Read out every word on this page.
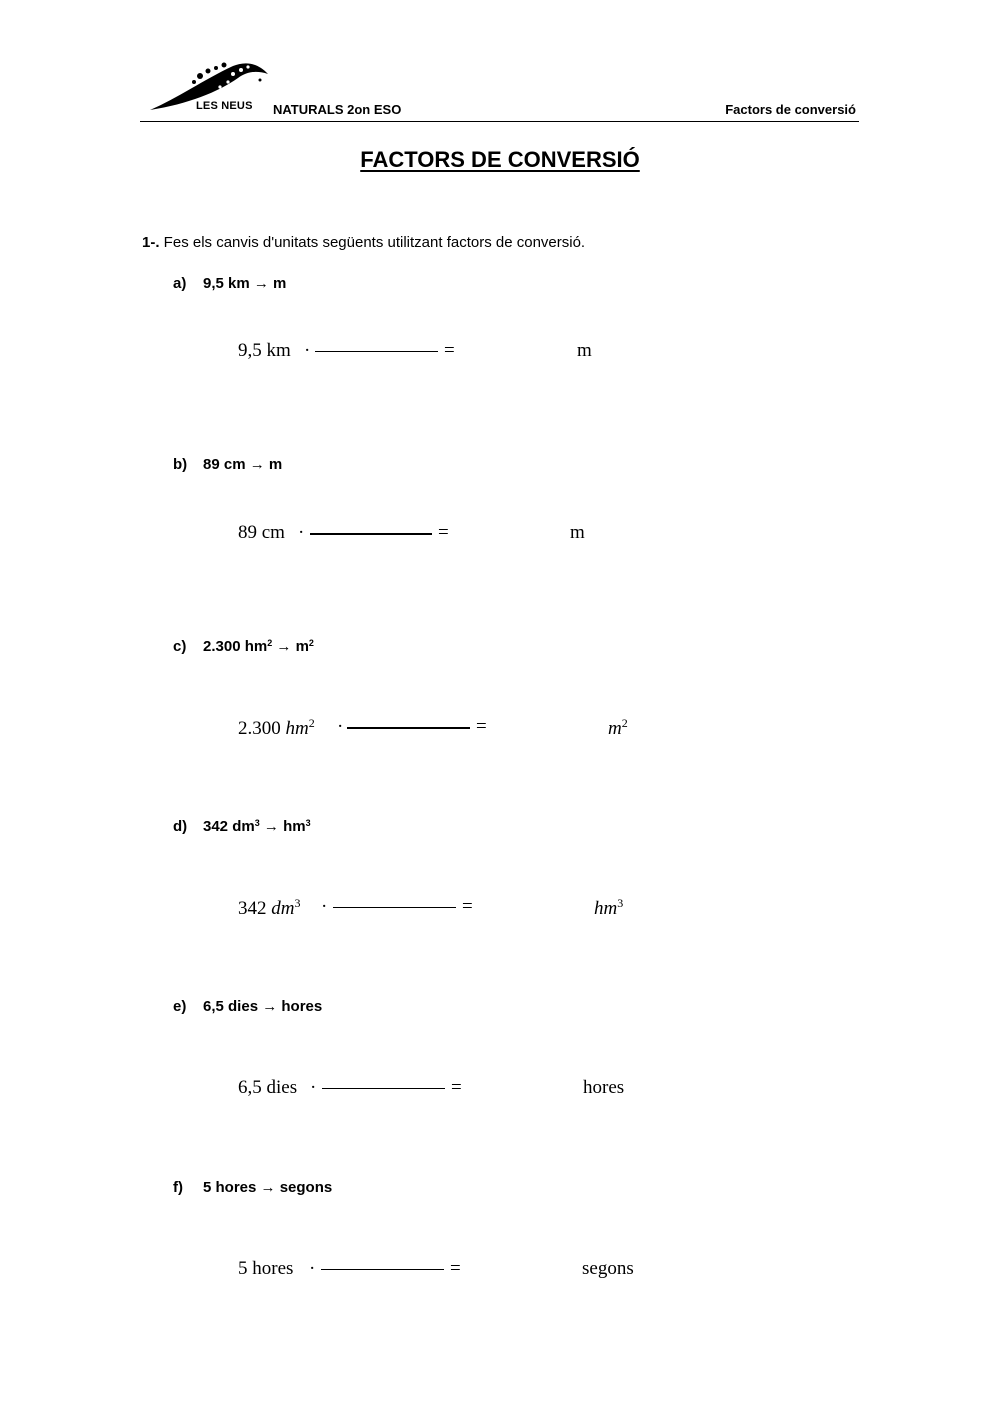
LES NEUS NATURALS 2on ESO	Factors de conversió
FACTORS DE CONVERSIÓ
1-. Fes els canvis d'unitats següents utilitzant factors de conversió.
a) 9,5 km → m
9,5 km ·	=	m
b) 89 cm → m
89 cm ·	=	m
c) 2.300 $hm^2 \to m^2$
2.300 $hm^2$ ·	=	$m^2$
d) 342 $dm^3 \to hm^3$
342 $dm^3$ ·	=	$hm^3$
e) 6,5 dies → hores
6,5 dies ·	=	hores
f) 5 hores → segons
5 hores ·	=	segons
